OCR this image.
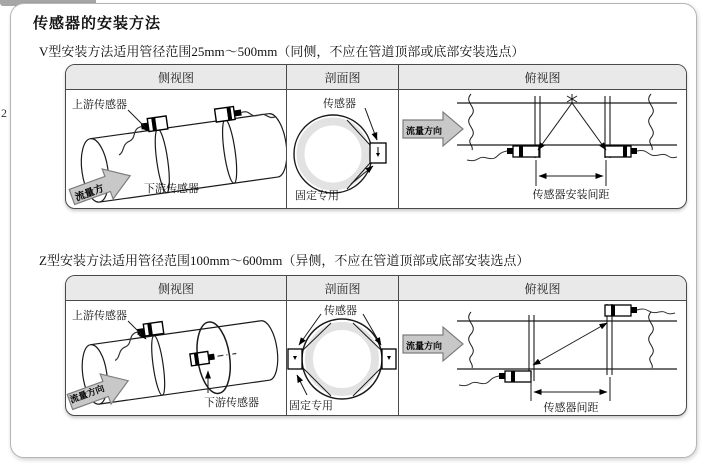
2
传感器的安装方法
V型安装方法适用管径范围25mm～500mm（同侧，不应在管道顶部或底部安装选点）
侧视图	剖面图	俯视图
上游传感器
下游传感器
流量方
传感器
固定专用
流量方向
传感器安装间距
Z型安装方法适用管径范围100mm～600mm（异侧，不应在管道顶部或底部安装选点）
侧视图	剖面图	俯视图
上游传感器
下游传感器
流量方向
传感器
固定专用
流量方向
传感器间距
